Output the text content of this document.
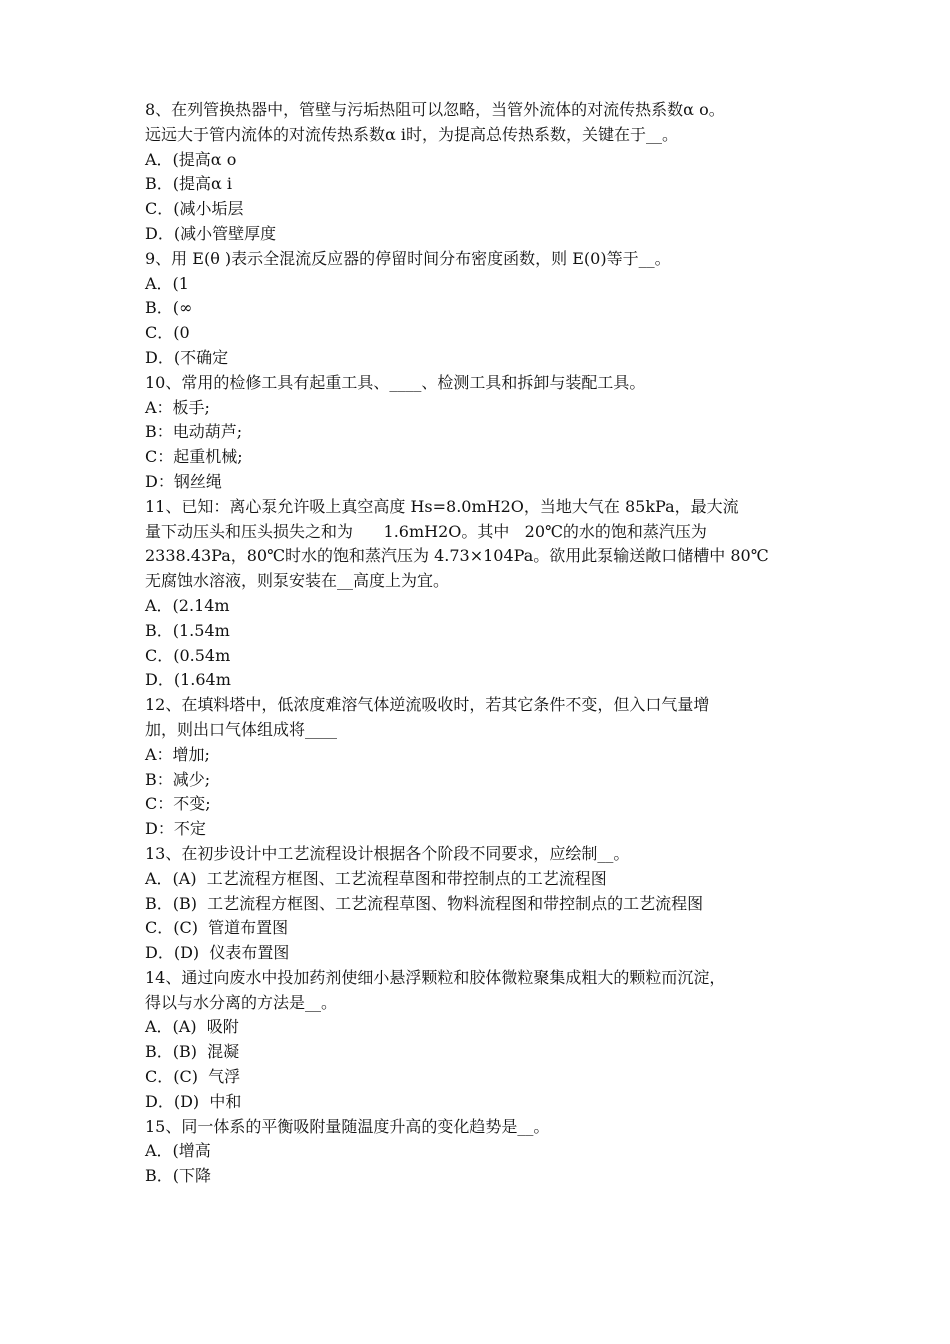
8、在列管换热器中，管壁与污垢热阻可以忽略，当管外流体的对流传热系数α o。
远远大于管内流体的对流传热系数α i时，为提高总传热系数，关键在于__。
A．(提高α o
B．(提高α i
C．(减小垢层
D．(减小管壁厚度
9、用 E(θ )表示全混流反应器的停留时间分布密度函数，则 E(0)等于__。
A．(1
B．(∞
C．(0
D．(不确定
10、常用的检修工具有起重工具、____、检测工具和拆卸与装配工具。
A：板手;
B：电动葫芦;
C：起重机械;
D：钢丝绳
11、已知：离心泵允许吸上真空高度 Hs=8.0mH2O，当地大气在 85kPa，最大流
量下动压头和压头损失之和为      1.6mH2O。其中   20℃的水的饱和蒸汽压为
2338.43Pa，80℃时水的饱和蒸汽压为 4.73×104Pa。欲用此泵输送敞口储槽中 80℃
无腐蚀水溶液，则泵安装在__高度上为宜。
A．(2.14m
B．(1.54m
C．(0.54m
D．(1.64m
12、在填料塔中，低浓度难溶气体逆流吸收时，若其它条件不变，但入口气量增
加，则出口气体组成将____
A：增加;
B：减少;
C：不变;
D：不定
13、在初步设计中工艺流程设计根据各个阶段不同要求，应绘制__。
A．(A)  工艺流程方框图、工艺流程草图和带控制点的工艺流程图
B．(B)  工艺流程方框图、工艺流程草图、物料流程图和带控制点的工艺流程图
C．(C)  管道布置图
D．(D)  仪表布置图
14、通过向废水中投加药剂使细小悬浮颗粒和胶体微粒聚集成粗大的颗粒而沉淀，
得以与水分离的方法是__。
A．(A)  吸附
B．(B)  混凝
C．(C)  气浮
D．(D)  中和
15、同一体系的平衡吸附量随温度升高的变化趋势是__。
A．(增高
B．(下降
